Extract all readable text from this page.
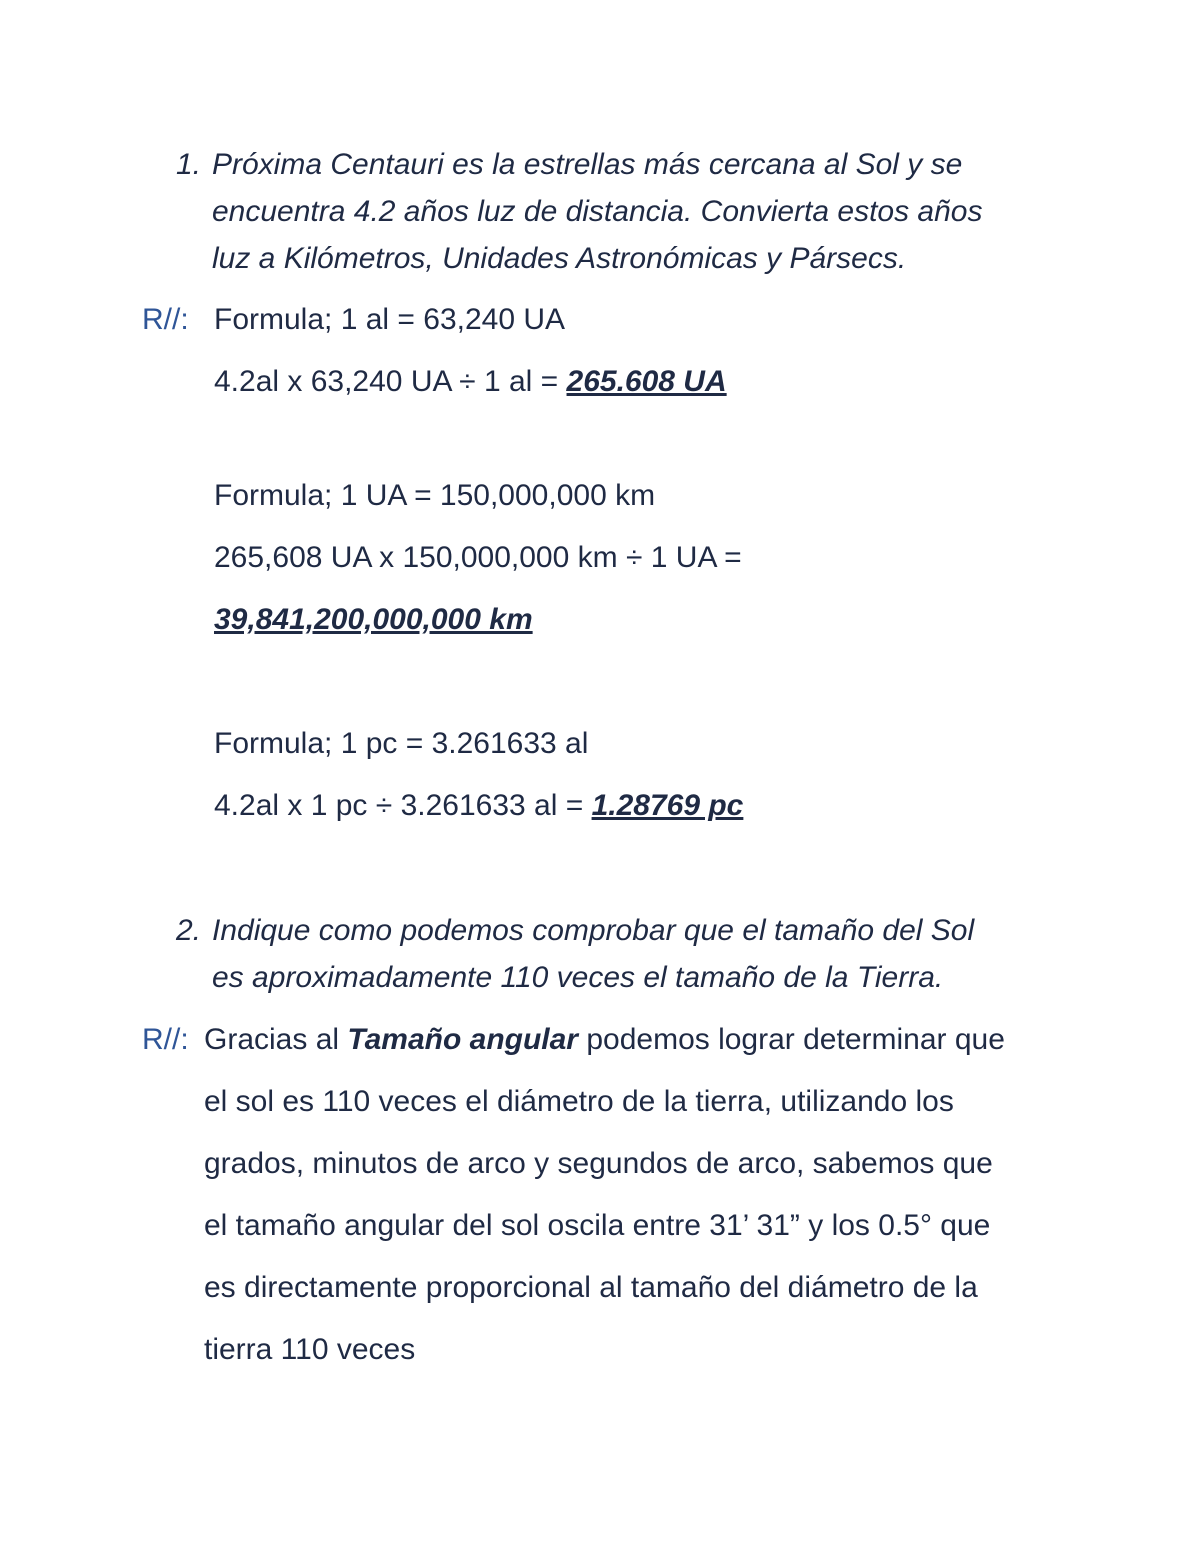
1. Próxima Centauri es la estrellas más cercana al Sol y se
encuentra 4.2 años luz de distancia. Convierta estos años
luz a Kilómetros, Unidades Astronómicas y Pársecs.
R//: Formula; 1 al = 63,240 UA
4.2al x 63,240 UA ÷ 1 al = 265.608 UA
Formula; 1 UA = 150,000,000 km
265,608 UA x 150,000,000 km ÷ 1 UA =
39,841,200,000,000 km
Formula; 1 pc = 3.261633 al
4.2al x 1 pc ÷ 3.261633 al = 1.28769 pc
2. Indique como podemos comprobar que el tamaño del Sol
es aproximadamente 110 veces el tamaño de la Tierra.
R//: Gracias al Tamaño angular podemos lograr determinar que
el sol es 110 veces el diámetro de la tierra, utilizando los
grados, minutos de arco y segundos de arco, sabemos que
el tamaño angular del sol oscila entre 31’ 31” y los 0.5° que
es directamente proporcional al tamaño del diámetro de la
tierra 110 veces
